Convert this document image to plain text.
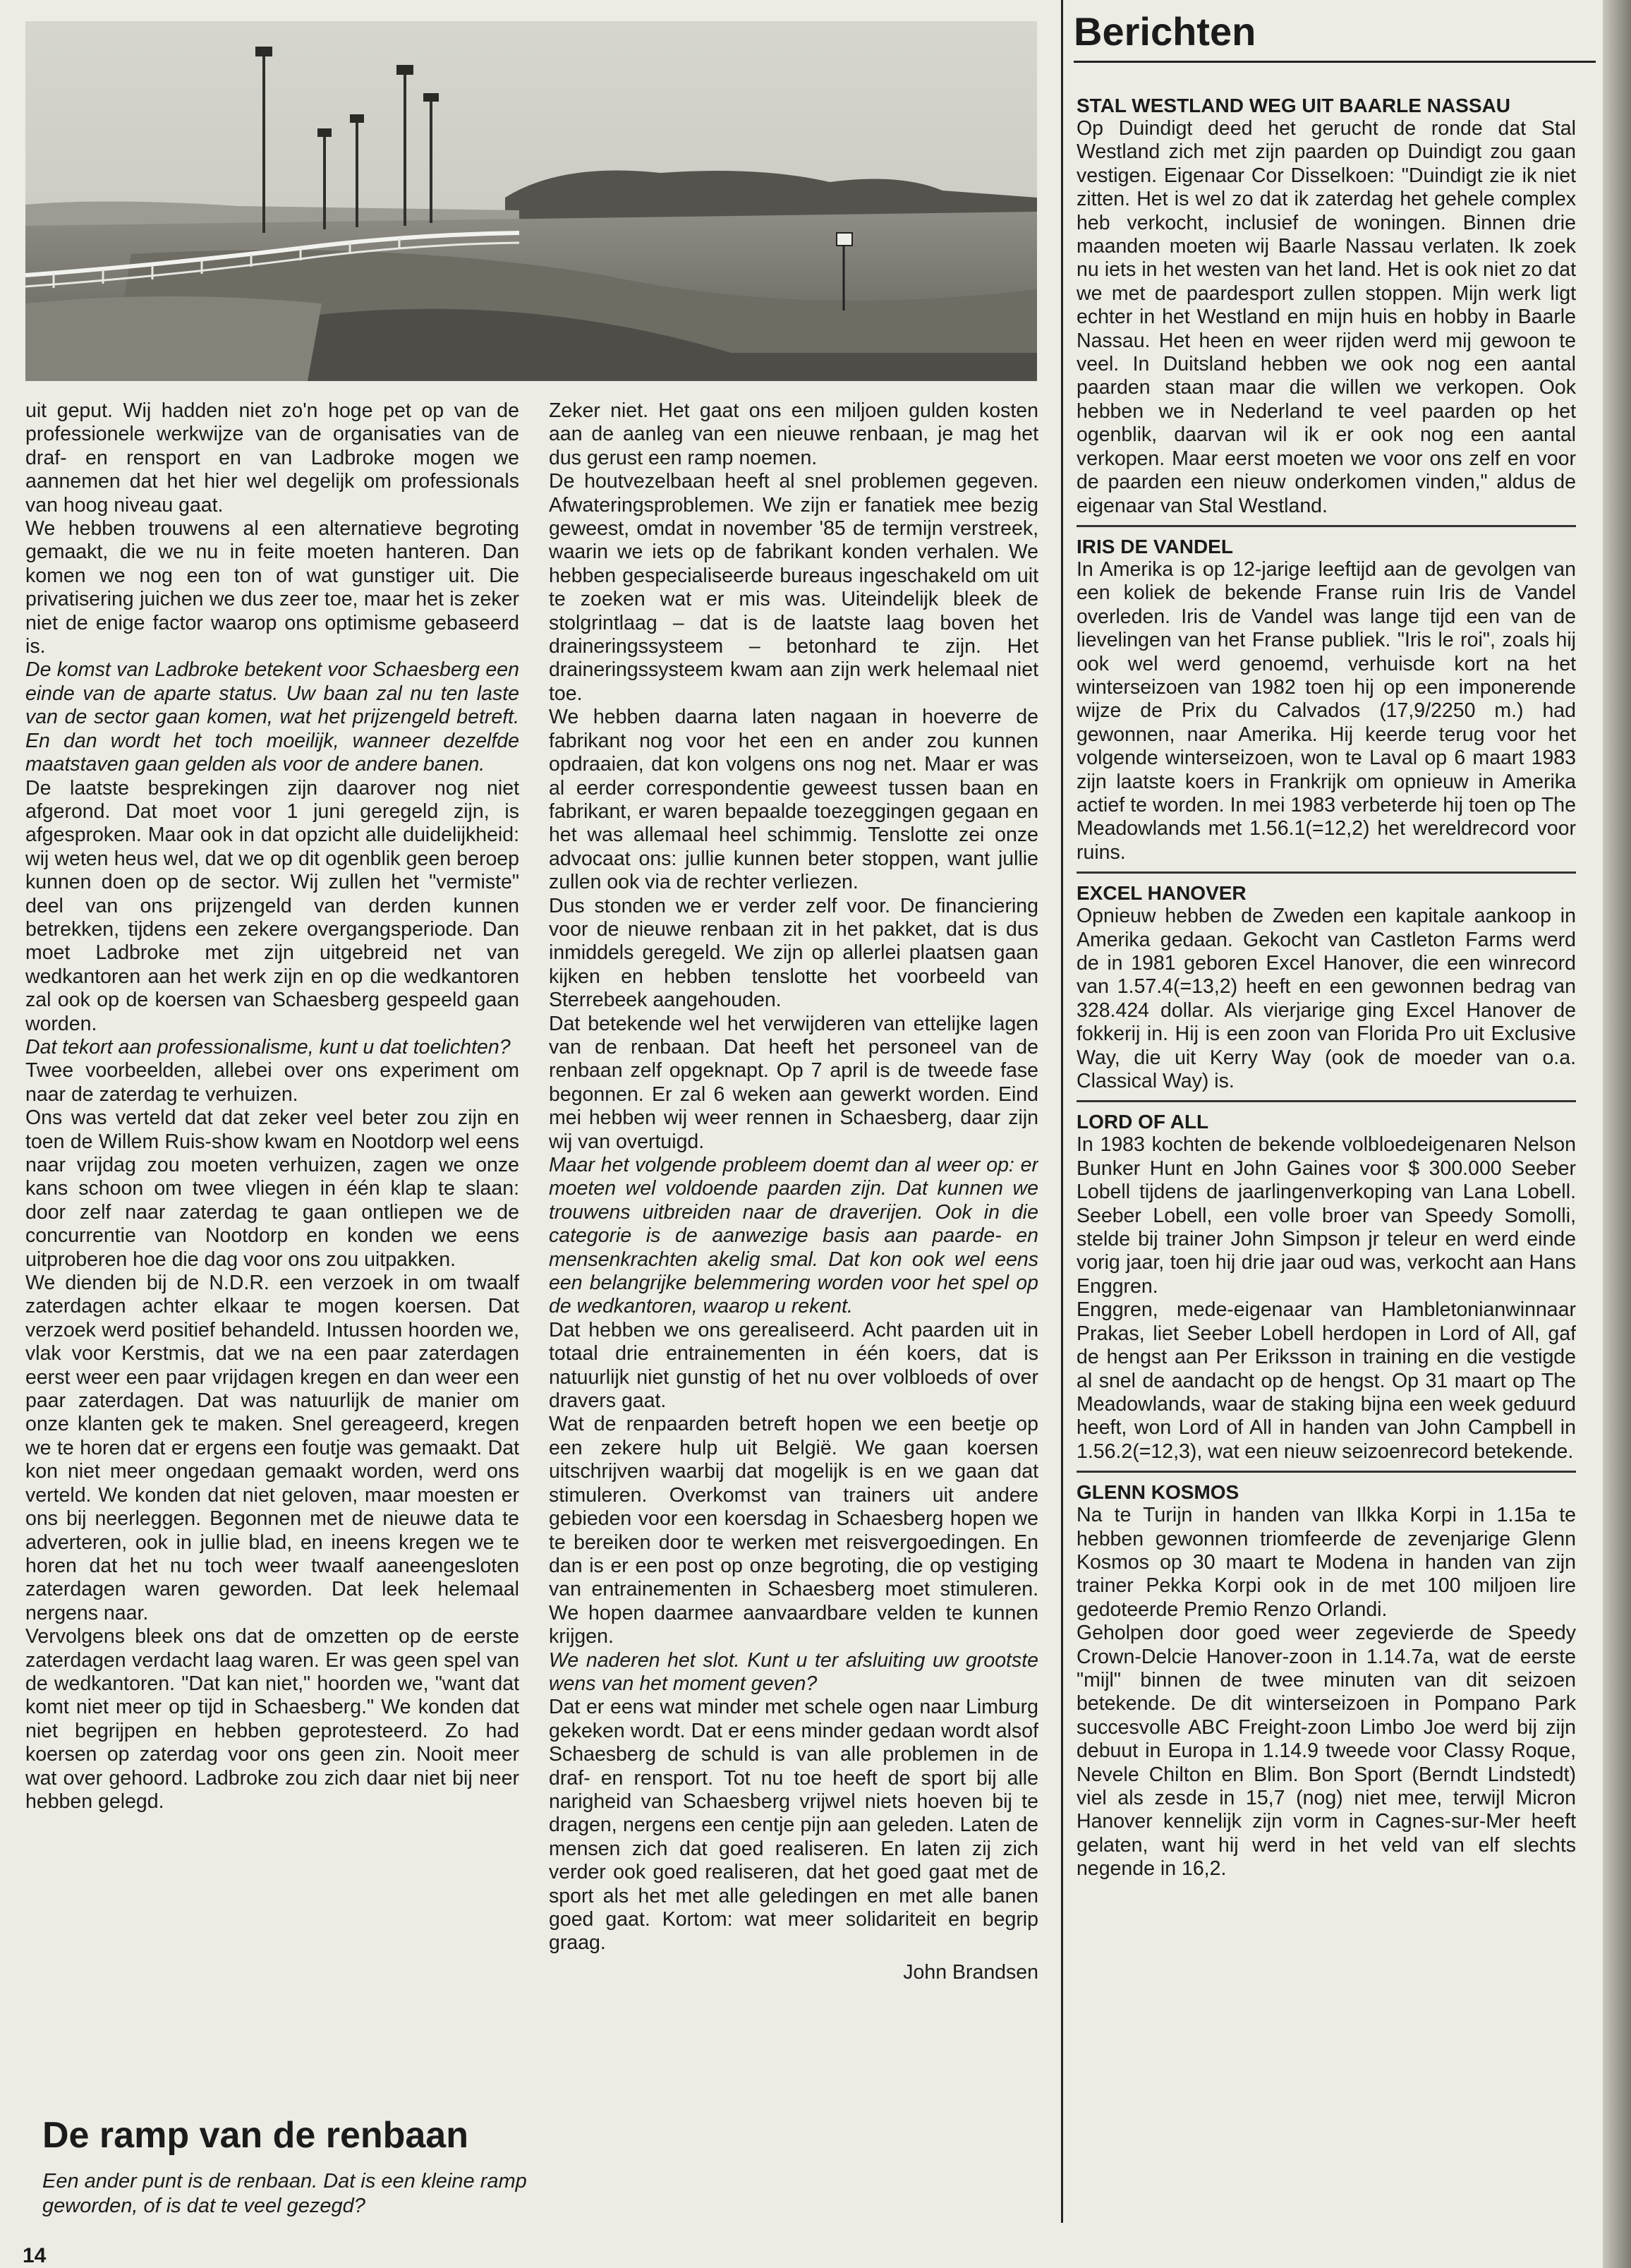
uit geput. Wij hadden niet zo'n hoge pet op van de professionele werkwijze van de organisaties van de draf- en rensport en van Ladbroke mogen we aannemen dat het hier wel degelijk om professionals van hoog niveau gaat.

We hebben trouwens al een alternatieve begroting gemaakt, die we nu in feite moeten hanteren. Dan komen we nog een ton of wat gunstiger uit. Die privatisering juichen we dus zeer toe, maar het is zeker niet de enige factor waarop ons optimisme gebaseerd is.

De komst van Ladbroke betekent voor Schaesberg een einde van de aparte status. Uw baan zal nu ten laste van de sector gaan komen, wat het prijzengeld betreft. En dan wordt het toch moeilijk, wanneer dezelfde maatstaven gaan gelden als voor de andere banen.

De laatste besprekingen zijn daarover nog niet afgerond. Dat moet voor 1 juni geregeld zijn, is afgesproken. Maar ook in dat opzicht alle duidelijkheid: wij weten heus wel, dat we op dit ogenblik geen beroep kunnen doen op de sector. Wij zullen het "vermiste" deel van ons prijzengeld van derden kunnen betrekken, tijdens een zekere overgangsperiode. Dan moet Ladbroke met zijn uitgebreid net van wedkantoren aan het werk zijn en op die wedkantoren zal ook op de koersen van Schaesberg gespeeld gaan worden.

Dat tekort aan professionalisme, kunt u dat toelichten?

Twee voorbeelden, allebei over ons experiment om naar de zaterdag te verhuizen.

Ons was verteld dat dat zeker veel beter zou zijn en toen de Willem Ruis-show kwam en Nootdorp wel eens naar vrijdag zou moeten verhuizen, zagen we onze kans schoon om twee vliegen in één klap te slaan: door zelf naar zaterdag te gaan ontliepen we de concurrentie van Nootdorp en konden we eens uitproberen hoe die dag voor ons zou uitpakken.

We dienden bij de N.D.R. een verzoek in om twaalf zaterdagen achter elkaar te mogen koersen. Dat verzoek werd positief behandeld. Intussen hoorden we, vlak voor Kerstmis, dat we na een paar zaterdagen eerst weer een paar vrijdagen kregen en dan weer een paar zaterdagen. Dat was natuurlijk de manier om onze klanten gek te maken. Snel gereageerd, kregen we te horen dat er ergens een foutje was gemaakt. Dat kon niet meer ongedaan gemaakt worden, werd ons verteld. We konden dat niet geloven, maar moesten er ons bij neerleggen. Begonnen met de nieuwe data te adverteren, ook in jullie blad, en ineens kregen we te horen dat het nu toch weer twaalf aaneengesloten zaterdagen waren geworden. Dat leek helemaal nergens naar.

Vervolgens bleek ons dat de omzetten op de eerste zaterdagen verdacht laag waren. Er was geen spel van de wedkantoren. "Dat kan niet," hoorden we, "want dat komt niet meer op tijd in Schaesberg." We konden dat niet begrijpen en hebben geprotesteerd. Zo had koersen op zaterdag voor ons geen zin. Nooit meer wat over gehoord. Ladbroke zou zich daar niet bij neer hebben gelegd.

Zeker niet. Het gaat ons een miljoen gulden kosten aan de aanleg van een nieuwe renbaan, je mag het dus gerust een ramp noemen.

De houtvezelbaan heeft al snel problemen gegeven. Afwateringsproblemen. We zijn er fanatiek mee bezig geweest, omdat in november '85 de termijn verstreek, waarin we iets op de fabrikant konden verhalen. We hebben gespecialiseerde bureaus ingeschakeld om uit te zoeken wat er mis was. Uiteindelijk bleek de stolgrintlaag – dat is de laatste laag boven het draineringssysteem – betonhard te zijn. Het draineringssysteem kwam aan zijn werk helemaal niet toe.

We hebben daarna laten nagaan in hoeverre de fabrikant nog voor het een en ander zou kunnen opdraaien, dat kon volgens ons nog net. Maar er was al eerder correspondentie geweest tussen baan en fabrikant, er waren bepaalde toezeggingen gegaan en het was allemaal heel schimmig. Tenslotte zei onze advocaat ons: jullie kunnen beter stoppen, want jullie zullen ook via de rechter verliezen.

Dus stonden we er verder zelf voor. De financiering voor de nieuwe renbaan zit in het pakket, dat is dus inmiddels geregeld. We zijn op allerlei plaatsen gaan kijken en hebben tenslotte het voorbeeld van Sterrebeek aangehouden.

Dat betekende wel het verwijderen van ettelijke lagen van de renbaan. Dat heeft het personeel van de renbaan zelf opgeknapt. Op 7 april is de tweede fase begonnen. Er zal 6 weken aan gewerkt worden. Eind mei hebben wij weer rennen in Schaesberg, daar zijn wij van overtuigd.

Maar het volgende probleem doemt dan al weer op: er moeten wel voldoende paarden zijn. Dat kunnen we trouwens uitbreiden naar de draverijen. Ook in die categorie is de aanwezige basis aan paarde- en mensenkrachten akelig smal. Dat kon ook wel eens een belangrijke belemmering worden voor het spel op de wedkantoren, waarop u rekent.

Dat hebben we ons gerealiseerd. Acht paarden uit in totaal drie entrainementen in één koers, dat is natuurlijk niet gunstig of het nu over volbloeds of over dravers gaat.

Wat de renpaarden betreft hopen we een beetje op een zekere hulp uit België. We gaan koersen uitschrijven waarbij dat mogelijk is en we gaan dat stimuleren. Overkomst van trainers uit andere gebieden voor een koersdag in Schaesberg hopen we te bereiken door te werken met reisvergoedingen. En dan is er een post op onze begroting, die op vestiging van entrainementen in Schaesberg moet stimuleren. We hopen daarmee aanvaardbare velden te kunnen krijgen.

We naderen het slot. Kunt u ter afsluiting uw grootste wens van het moment geven?

Dat er eens wat minder met schele ogen naar Limburg gekeken wordt. Dat er eens minder gedaan wordt alsof Schaesberg de schuld is van alle problemen in de draf- en rensport. Tot nu toe heeft de sport bij alle narigheid van Schaesberg vrijwel niets hoeven bij te dragen, nergens een centje pijn aan geleden. Laten de mensen zich dat goed realiseren. En laten zij zich verder ook goed realiseren, dat het goed gaat met de sport als het met alle geledingen en met alle banen goed gaat. Kortom: wat meer solidariteit en begrip graag.

John Brandsen

De ramp van de renbaan
Een ander punt is de renbaan. Dat is een kleine ramp geworden, of is dat te veel gezegd?
Berichten
STAL WESTLAND WEG UIT BAARLE NASSAU

Op Duindigt deed het gerucht de ronde dat Stal Westland zich met zijn paarden op Duindigt zou gaan vestigen. Eigenaar Cor Disselkoen: "Duindigt zie ik niet zitten. Het is wel zo dat ik zaterdag het gehele complex heb verkocht, inclusief de woningen. Binnen drie maanden moeten wij Baarle Nassau verlaten. Ik zoek nu iets in het westen van het land. Het is ook niet zo dat we met de paardesport zullen stoppen. Mijn werk ligt echter in het Westland en mijn huis en hobby in Baarle Nassau. Het heen en weer rijden werd mij gewoon te veel. In Duitsland hebben we ook nog een aantal paarden staan maar die willen we verkopen. Ook hebben we in Nederland te veel paarden op het ogenblik, daarvan wil ik er ook nog een aantal verkopen. Maar eerst moeten we voor ons zelf en voor de paarden een nieuw onderkomen vinden," aldus de eigenaar van Stal Westland.

IRIS DE VANDEL

In Amerika is op 12-jarige leeftijd aan de gevolgen van een koliek de bekende Franse ruin Iris de Vandel overleden. Iris de Vandel was lange tijd een van de lievelingen van het Franse publiek. "Iris le roi", zoals hij ook wel werd genoemd, verhuisde kort na het winterseizoen van 1982 toen hij op een imponerende wijze de Prix du Calvados (17,9/2250 m.) had gewonnen, naar Amerika. Hij keerde terug voor het volgende winterseizoen, won te Laval op 6 maart 1983 zijn laatste koers in Frankrijk om opnieuw in Amerika actief te worden. In mei 1983 verbeterde hij toen op The Meadowlands met 1.56.1(=12,2) het wereldrecord voor ruins.

EXCEL HANOVER

Opnieuw hebben de Zweden een kapitale aankoop in Amerika gedaan. Gekocht van Castleton Farms werd de in 1981 geboren Excel Hanover, die een winrecord van 1.57.4(=13,2) heeft en een gewonnen bedrag van 328.424 dollar. Als vierjarige ging Excel Hanover de fokkerij in. Hij is een zoon van Florida Pro uit Exclusive Way, die uit Kerry Way (ook de moeder van o.a. Classical Way) is.

LORD OF ALL

In 1983 kochten de bekende volbloedeigenaren Nelson Bunker Hunt en John Gaines voor $ 300.000 Seeber Lobell tijdens de jaarlingenverkoping van Lana Lobell. Seeber Lobell, een volle broer van Speedy Somolli, stelde bij trainer John Simpson jr teleur en werd einde vorig jaar, toen hij drie jaar oud was, verkocht aan Hans Enggren.

Enggren, mede-eigenaar van Hambletonianwinnaar Prakas, liet Seeber Lobell herdopen in Lord of All, gaf de hengst aan Per Eriksson in training en die vestigde al snel de aandacht op de hengst. Op 31 maart op The Meadowlands, waar de staking bijna een week geduurd heeft, won Lord of All in handen van John Campbell in 1.56.2(=12,3), wat een nieuw seizoenrecord betekende.

GLENN KOSMOS

Na te Turijn in handen van Ilkka Korpi in 1.15a te hebben gewonnen triomfeerde de zevenjarige Glenn Kosmos op 30 maart te Modena in handen van zijn trainer Pekka Korpi ook in de met 100 miljoen lire gedoteerde Premio Renzo Orlandi.

Geholpen door goed weer zegevierde de Speedy Crown-Delcie Hanover-zoon in 1.14.7a, wat de eerste "mijl" binnen de twee minuten van dit seizoen betekende. De dit winterseizoen in Pompano Park succesvolle ABC Freight-zoon Limbo Joe werd bij zijn debuut in Europa in 1.14.9 tweede voor Classy Roque, Nevele Chilton en Blim. Bon Sport (Berndt Lindstedt) viel als zesde in 15,7 (nog) niet mee, terwijl Micron Hanover kennelijk zijn vorm in Cagnes-sur-Mer heeft gelaten, want hij werd in het veld van elf slechts negende in 16,2.

14
